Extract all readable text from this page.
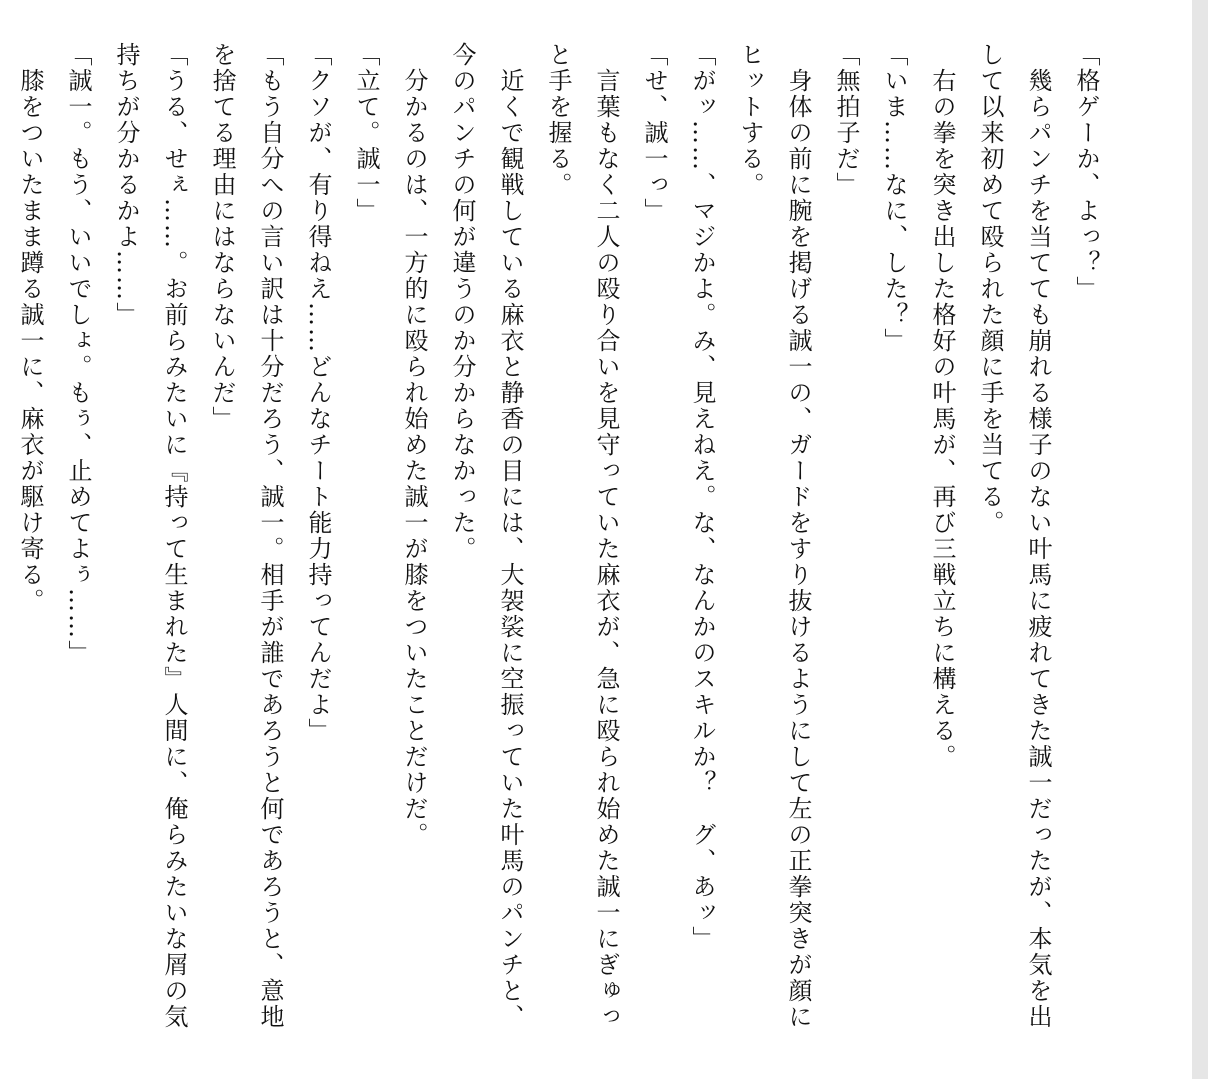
「格ゲーか、よっ？」

　幾らパンチを当てても崩れる様子のない叶馬に疲れてきた誠一だったが、本気を出して以来初めて殴られた顔に手を当てる。

　右の拳を突き出した格好の叶馬が、再び三戦立ちに構える。

「いま……なに、した？」

「無拍子だ」

　身体の前に腕を掲げる誠一の、ガードをすり抜けるようにして左の正拳突きが顔にヒットする。

「がッ……、マジかよ。み、見えねえ。な、なんかのスキルか？　グ、あッ」

「せ、誠一っ」

　言葉もなく二人の殴り合いを見守っていた麻衣が、急に殴られ始めた誠一にぎゅっと手を握る。

　近くで観戦している麻衣と静香の目には、大袈裟に空振っていた叶馬のパンチと、今のパンチの何が違うのか分からなかった。

　分かるのは、一方的に殴られ始めた誠一が膝をついたことだけだ。

「立て。誠一」

「クソが、有り得ねえ……どんなチート能力持ってんだよ」

「もう自分への言い訳は十分だろう、誠一。相手が誰であろうと何であろうと、意地を捨てる理由にはならないんだ」

「うる、せぇ……。お前らみたいに『持って生まれた』人間に、俺らみたいな屑の気持ちが分かるかよ……」

「誠一。もう、いいでしょ。もぅ、止めてよぅ……」

　膝をついたまま蹲る誠一に、麻衣が駆け寄る。
